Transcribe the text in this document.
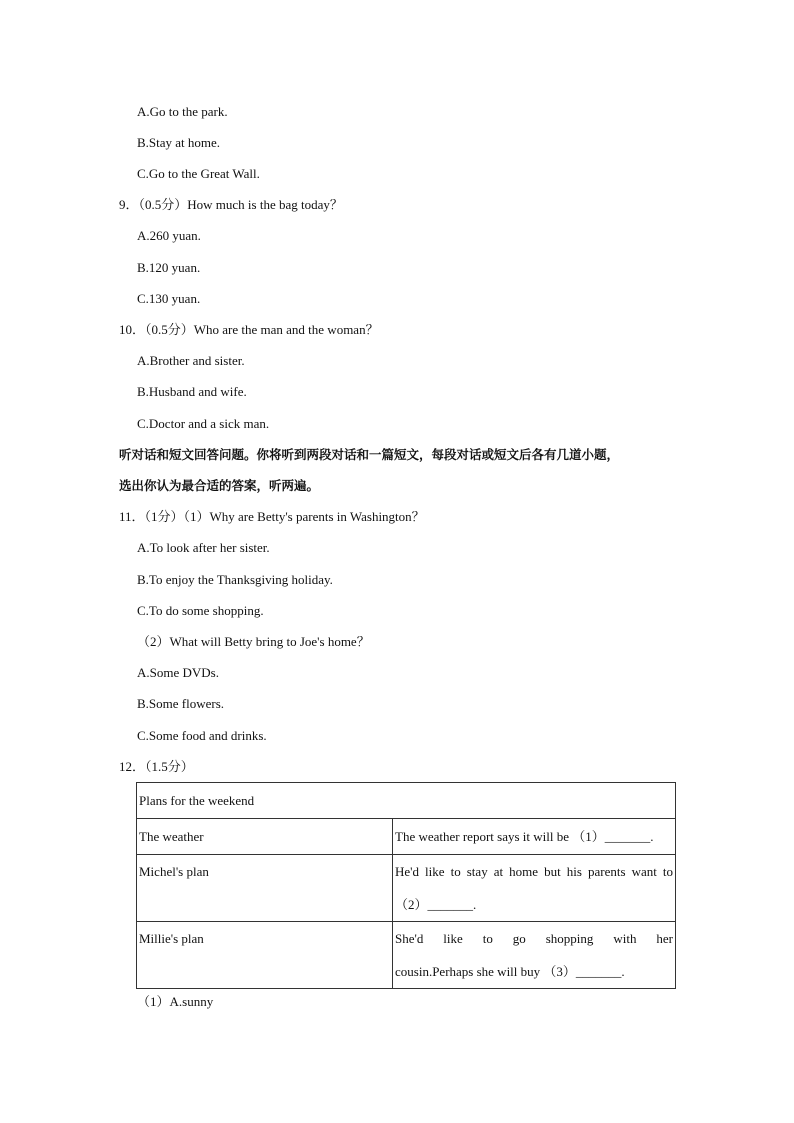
A.Go to the park.
B.Stay at home.
C.Go to the Great Wall.
9．（0.5分）How much is the bag today？
A.260 yuan.
B.120 yuan.
C.130 yuan.
10．（0.5分）Who are the man and the woman？
A.Brother and sister.
B.Husband and wife.
C.Doctor and a sick man.
听对话和短文回答问题。你将听到两段对话和一篇短文，每段对话或短文后各有几道小题，
选出你认为最合适的答案，听两遍。
11．（1分）（1）Why are Betty's parents in Washington？
A.To look after her sister.
B.To enjoy the Thanksgiving holiday.
C.To do some shopping.
（2）What will Betty bring to Joe's home？
A.Some DVDs.
B.Some flowers.
C.Some food and drinks.
12．（1.5分）
Plans for the weekend	
The weather	The weather report says it will be （1）_______.
Michel's plan	He'd like to stay at home but his parents want to
（2）_______.

Millie's plan	She'd like to go shopping with her
cousin.Perhaps she will buy （3）_______.
（1）A.sunny
